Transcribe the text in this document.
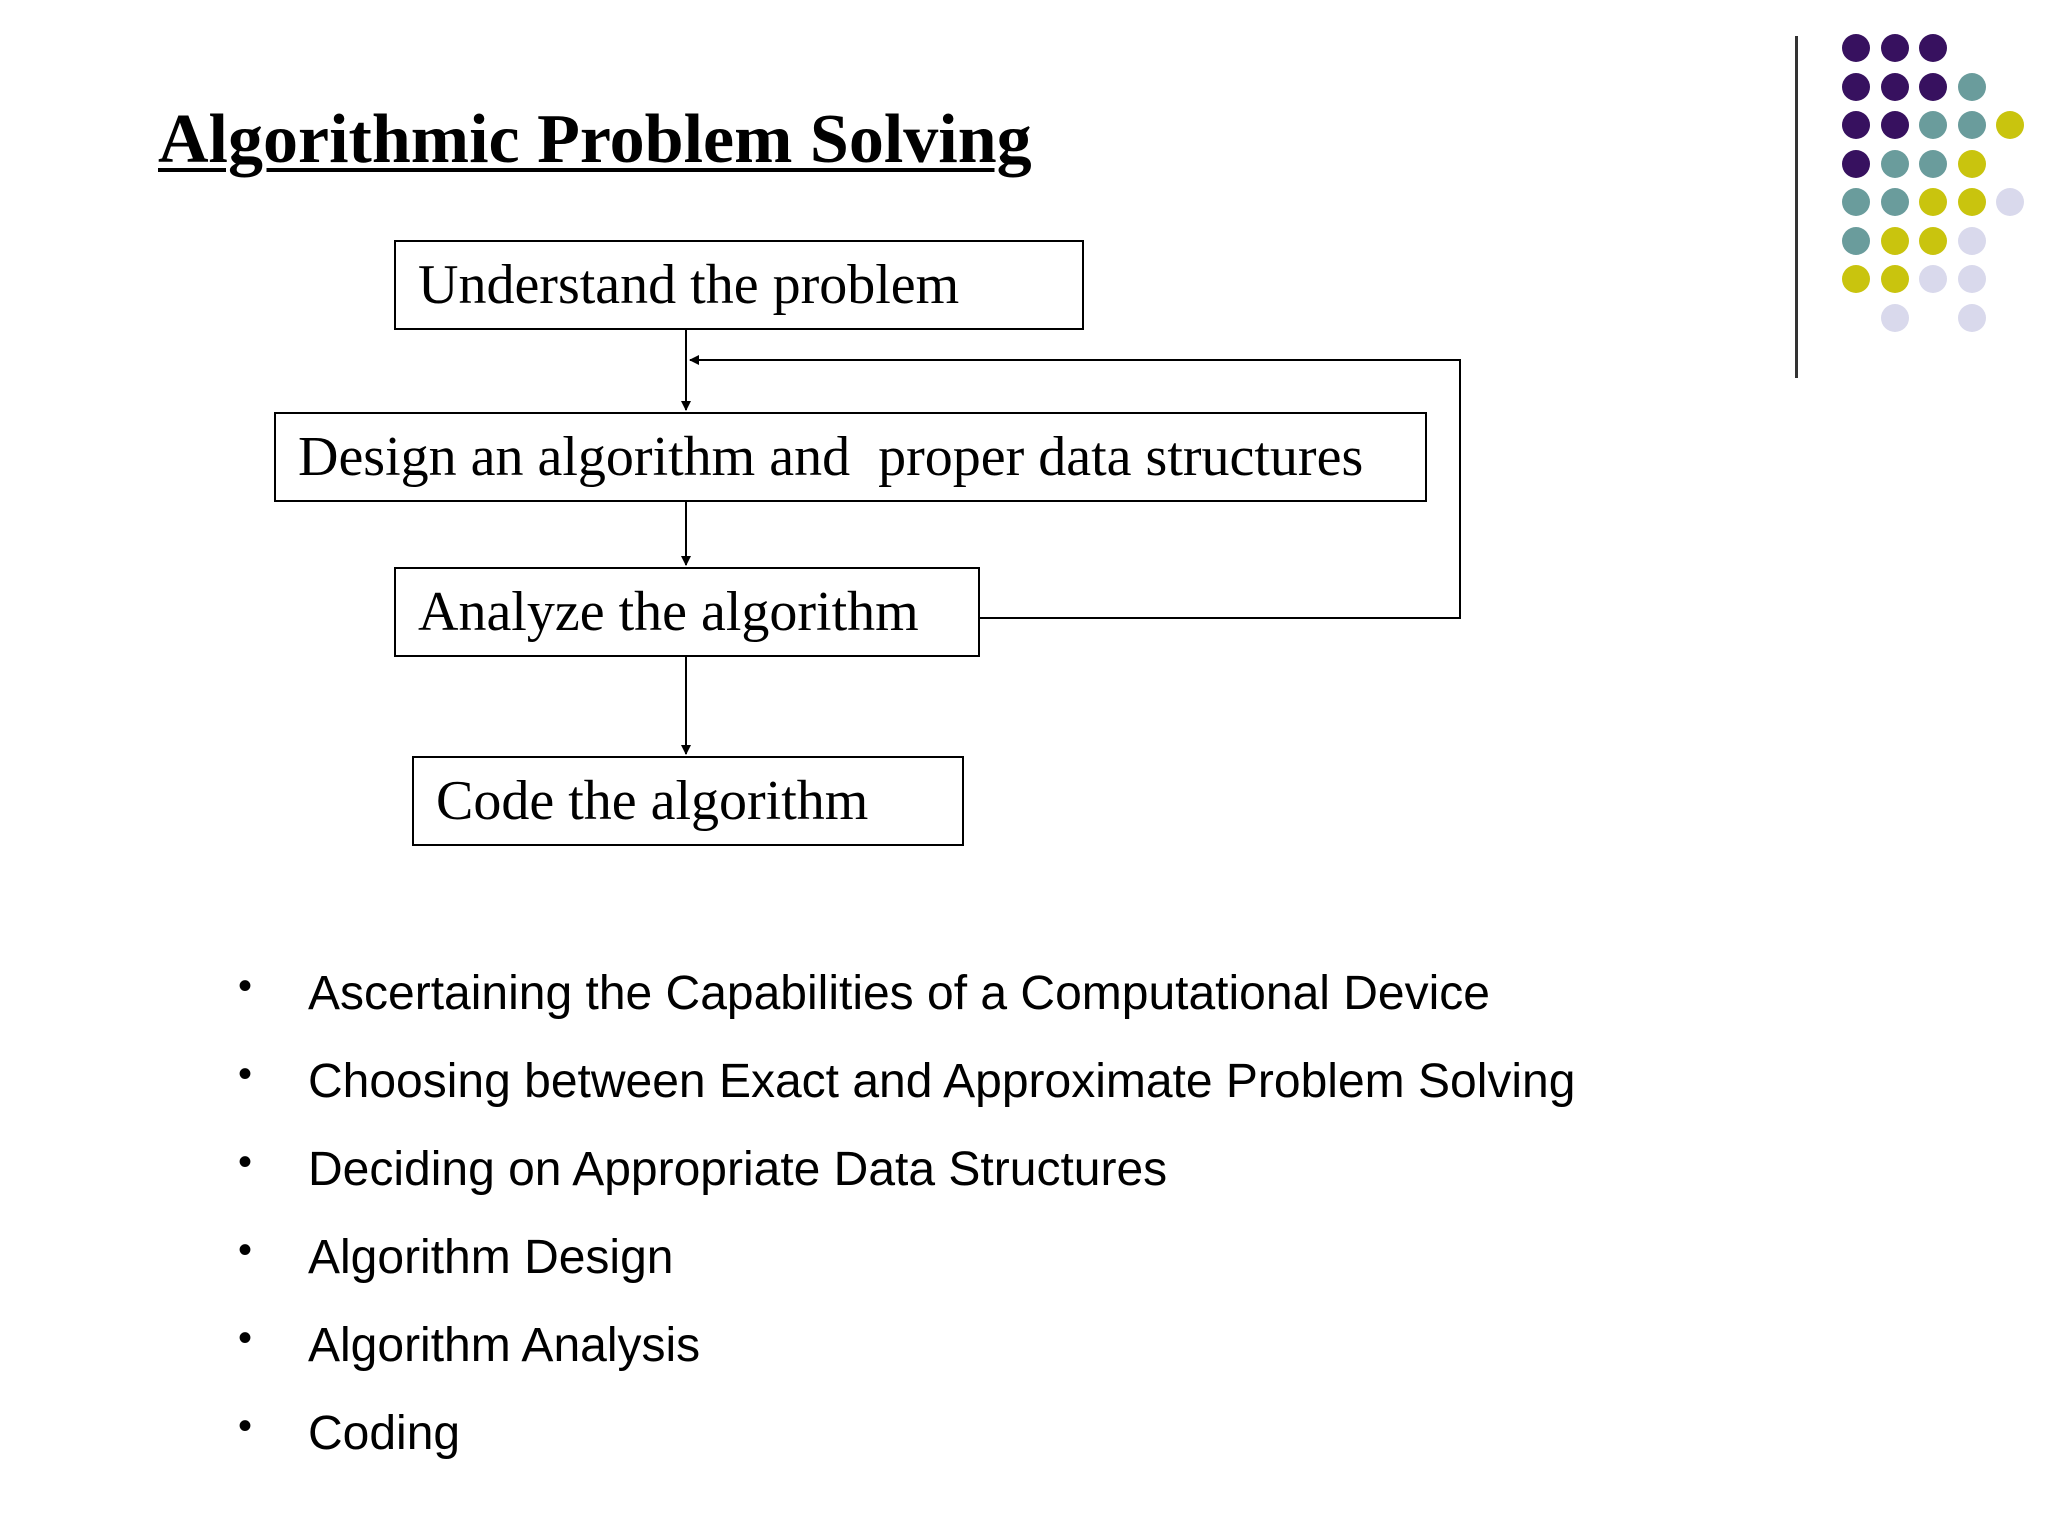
Algorithmic Problem Solving
Understand the problem
Design an algorithm and  proper data structures
Analyze the algorithm
Code the algorithm
• Ascertaining the Capabilities of a Computational Device
• Choosing between Exact and Approximate Problem Solving
• Deciding on Appropriate Data Structures
• Algorithm Design
• Algorithm Analysis
• Coding
